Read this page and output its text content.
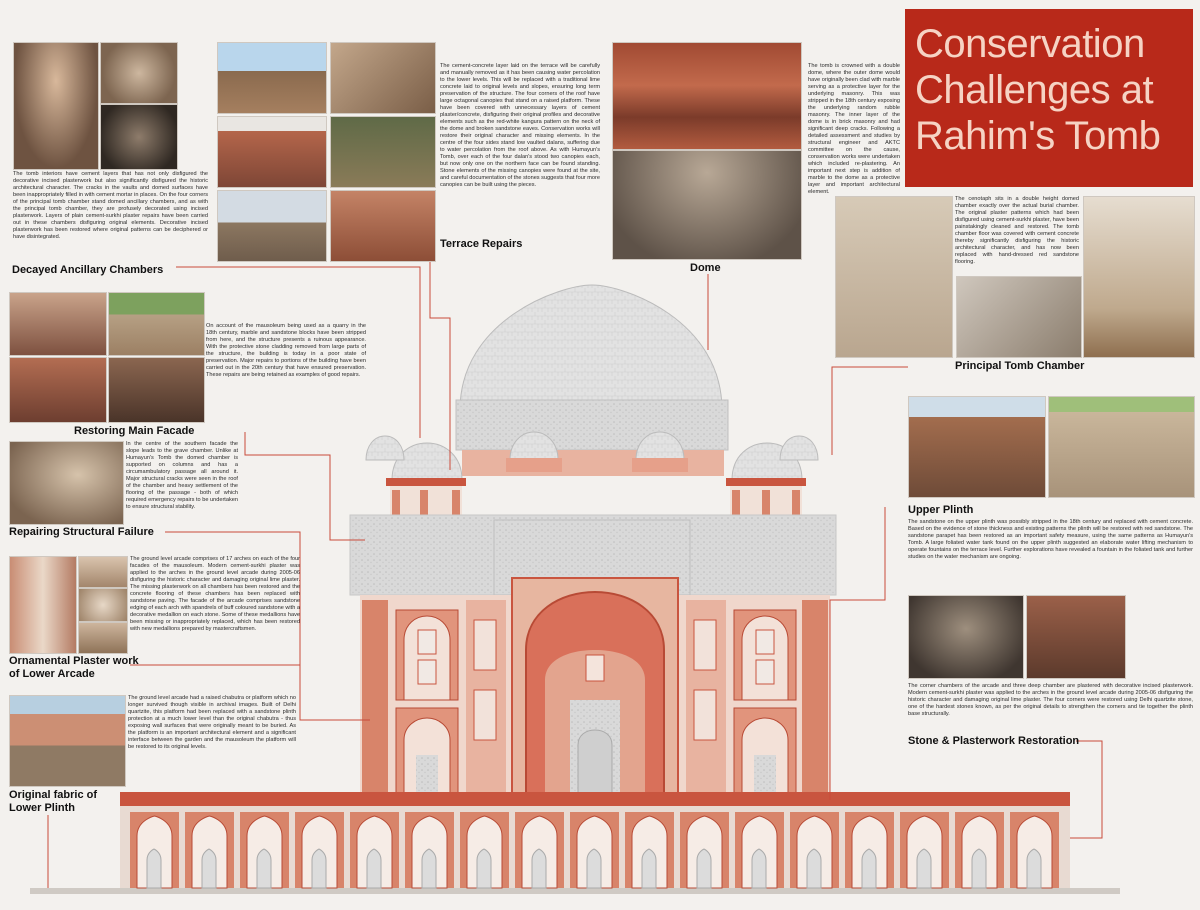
Conservation Challenges at Rahim's Tomb
Decayed Ancillary Chambers
Terrace Repairs
Dome
Principal Tomb Chamber
Restoring Main Facade
Repairing Structural Failure
Ornamental Plaster work of Lower Arcade
Upper Plinth
Stone & Plasterwork Restoration
Original fabric of Lower Plinth
The tomb interiors have cement layers that has not only disfigured the decorative incised plasterwork but also significantly disfigured the historic architectural character. The cracks in the vaults and domed surfaces have been inappropriately filled in with cement mortar in places. On the four corners of the principal tomb chamber stand domed ancillary chambers, and as with the principal tomb chamber, they are profusely decorated using incised plasterwork. Layers of plain cement-surkhi plaster repairs have been carried out in these chambers disfiguring original elements. Decorative incised plasterwork has been restored where original patterns can be deciphered or have disintegrated.
The cement-concrete layer laid on the terrace will be carefully and manually removed as it has been causing water percolation to the lower levels. This will be replaced with a traditional lime concrete laid to original levels and slopes, ensuring long term preservation of the structure. The four corners of the roof have large octagonal canopies that stand on a raised platform. These have been covered with unnecessary layers of cement plaster/concrete, disfiguring their original profiles and decorative elements such as the red-white kangura pattern on the neck of the dome and broken sandstone eaves. Conservation works will restore their original character and missing elements. In the centre of the four sides stand low vaulted dalans, suffering due to water percolation from the roof above. As with Humayun's Tomb, over each of the four dalan's stood two canopies each, but now only one on the northern face can be found standing. Stone elements of the missing canopies were found at the site, and careful documentation of the stones suggests that four more canopies can be built using the pieces.
The tomb is crowned with a double dome, where the outer dome would have originally been clad with marble serving as a protective layer for the underlying masonry. This was stripped in the 18th century exposing the underlying random rubble masonry. The inner layer of the dome is in brick masonry and had significant deep cracks. Following a detailed assessment and studies by structural engineer and AKTC committee on the cause, conservation works were undertaken which included re-plastering. An important next step is addition of marble to the dome as a protective layer and important architectural element.
The cenotaph sits in a double height domed chamber exactly over the actual burial chamber. The original plaster patterns which had been disfigured using cement-surkhi plaster, have been painstakingly cleaned and restored. The tomb chamber floor was covered with cement concrete thereby significantly disfiguring the historic architectural character, and has now been replaced with hand-dressed red sandstone flooring.
On account of the mausoleum being used as a quarry in the 18th century, marble and sandstone blocks have been stripped from here, and the structure presents a ruinous appearance. With the protective stone cladding removed from large parts of the structure, the building is today in a poor state of preservation. Major repairs to portions of the building have been carried out in the 20th century that have ensured preservation. These repairs are being retained as examples of good repairs.
In the centre of the southern facade the slope leads to the grave chamber. Unlike at Humayun's Tomb the domed chamber is supported on columns and has a circumambulatory passage all around it. Major structural cracks were seen in the roof of the chamber and heavy settlement of the flooring of the passage - both of which required emergency repairs to be undertaken to ensure structural stability.
The ground level arcade comprises of 17 arches on each of the four facades of the mausoleum. Modern cement-surkhi plaster was applied to the arches in the ground level arcade during 2005-06 disfiguring the historic character and damaging original lime plaster. The missing plasterwork on all chambers has been restored and the concrete flooring of these chambers has been replaced with sandstone paving. The facade of the arcade comprises sandstone edging of each arch with spandrels of buff coloured sandstone with a decorative medallion on each stone. Some of these medallions have been missing or inappropriately replaced, which has been restored with new medallions prepared by mastercraftsmen.
The ground level arcade had a raised chabutra or platform which no longer survived though visible in archival images. Built of Delhi quartzite, this platform had been replaced with a sandstone plinth protection at a much lower level than the original chabutra - thus exposing wall surfaces that were originally meant to be buried. As the platform is an important architectural element and a significant interface between the garden and the mausoleum the platform will be restored to its original levels.
The sandstone on the upper plinth was possibly stripped in the 18th century and replaced with cement concrete. Based on the evidence of stone thickness and existing patterns the plinth will be restored with red sandstone. The sandstone parapet has been restored as an important safety measure, using the same patterns as Humayun's Tomb. A large foliated water tank found on the upper plinth suggested an elaborate water lifting mechanism to operate fountains on the terrace level. Further explorations have revealed a fountain in the foliated tank and further studies on the water mechanism are ongoing.
The corner chambers of the arcade and three deep chamber are plastered with decorative incised plasterwork. Modern cement-surkhi plaster was applied to the arches in the ground level arcade during 2005-06 disfiguring the historic character and damaging original lime plaster. The four corners were restored using Delhi quartzite stone, one of the hardest stones known, as per the original details to strengthen the corners and tie together the plinth base structurally.
